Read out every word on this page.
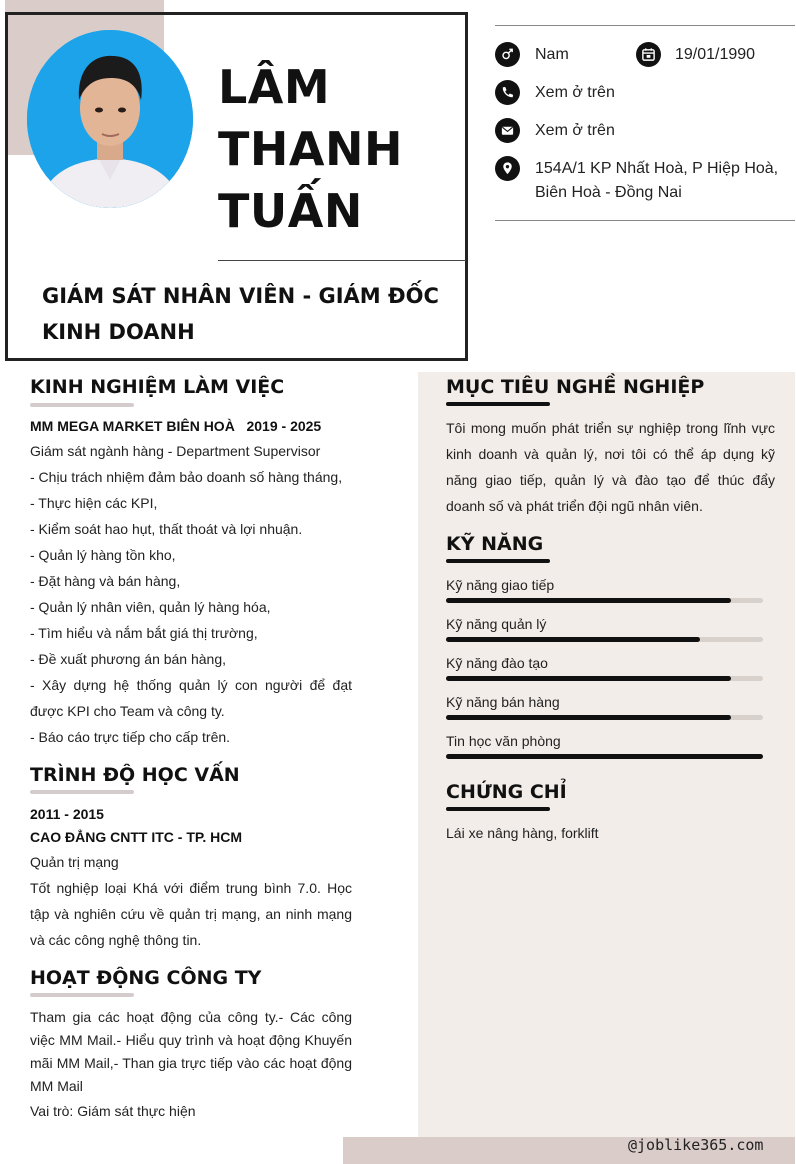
LÂM
THANH
TUẤN
GIÁM SÁT NHÂN VIÊN - GIÁM ĐỐC
KINH DOANH
Nam	19/01/1990
Xem ở trên
Xem ở trên
154A/1 KP Nhất Hoà, P Hiệp Hoà,
Biên Hoà - Đồng Nai
KINH NGHIỆM LÀM VIỆC
MM MEGA MARKET BIÊN HOÀ 2019 - 2025
Giám sát ngành hàng - Department Supervisor
- Chịu trách nhiệm đảm bảo doanh số hàng tháng,
- Thực hiện các KPI,
- Kiểm soát hao hụt, thất thoát và lợi nhuận.
- Quản lý hàng tồn kho,
- Đặt hàng và bán hàng,
- Quản lý nhân viên, quản lý hàng hóa,
- Tìm hiểu và nắm bắt giá thị trường,
- Đề xuất phương án bán hàng,
- Xây dựng hệ thống quản lý con người để đạt được KPI cho Team và công ty.
- Báo cáo trực tiếp cho cấp trên.
TRÌNH ĐỘ HỌC VẤN
2011 - 2015
CAO ĐẲNG CNTT ITC - TP. HCM
Quản trị mạng
Tốt nghiệp loại Khá với điểm trung bình 7.0. Học tập và nghiên cứu về quản trị mạng, an ninh mạng và các công nghệ thông tin.
HOẠT ĐỘNG CÔNG TY
Tham gia các hoạt động của công ty.- Các công việc MM Mail.- Hiểu quy trình và hoạt động Khuyến mãi MM Mail,- Than gia trực tiếp vào các hoạt động MM Mail
Vai trò: Giám sát thực hiện
MỤC TIÊU NGHỀ NGHIỆP
Tôi mong muốn phát triển sự nghiệp trong lĩnh vực kinh doanh và quản lý, nơi tôi có thể áp dụng kỹ năng giao tiếp, quản lý và đào tạo để thúc đẩy doanh số và phát triển đội ngũ nhân viên.
KỸ NĂNG
Kỹ năng giao tiếp
Kỹ năng quản lý
Kỹ năng đào tạo
Kỹ năng bán hàng
Tin học văn phòng
CHỨNG CHỈ
Lái xe nâng hàng, forklift
@joblike365.com
